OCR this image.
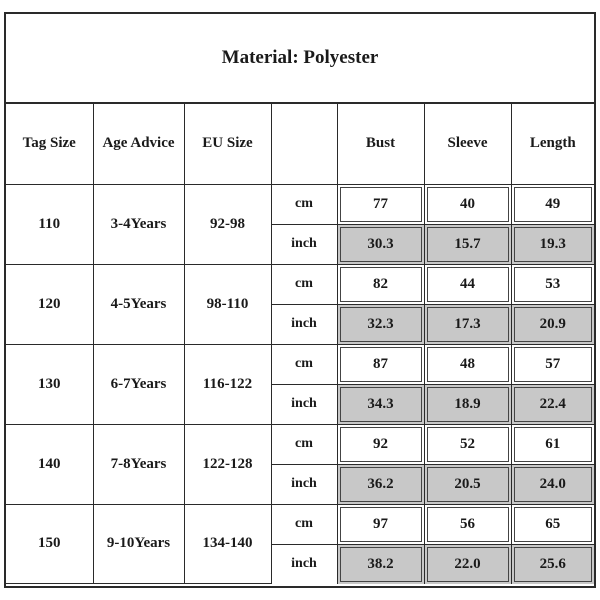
Material: Polyester
Tag Size	Age Advice	EU Size		Bust	Sleeve	Length
110	3-4Years	92-98	cm	77	40	49

			inch	30.3	15.7	19.3

120	4-5Years	98-110	cm	82	44	53

			inch	32.3	17.3	20.9

130	6-7Years	116-122	cm	87	48	57

			inch	34.3	18.9	22.4

140	7-8Years	122-128	cm	92	52	61

			inch	36.2	20.5	24.0

150	9-10Years	134-140	cm	97	56	65

			inch	38.2	22.0	25.6
